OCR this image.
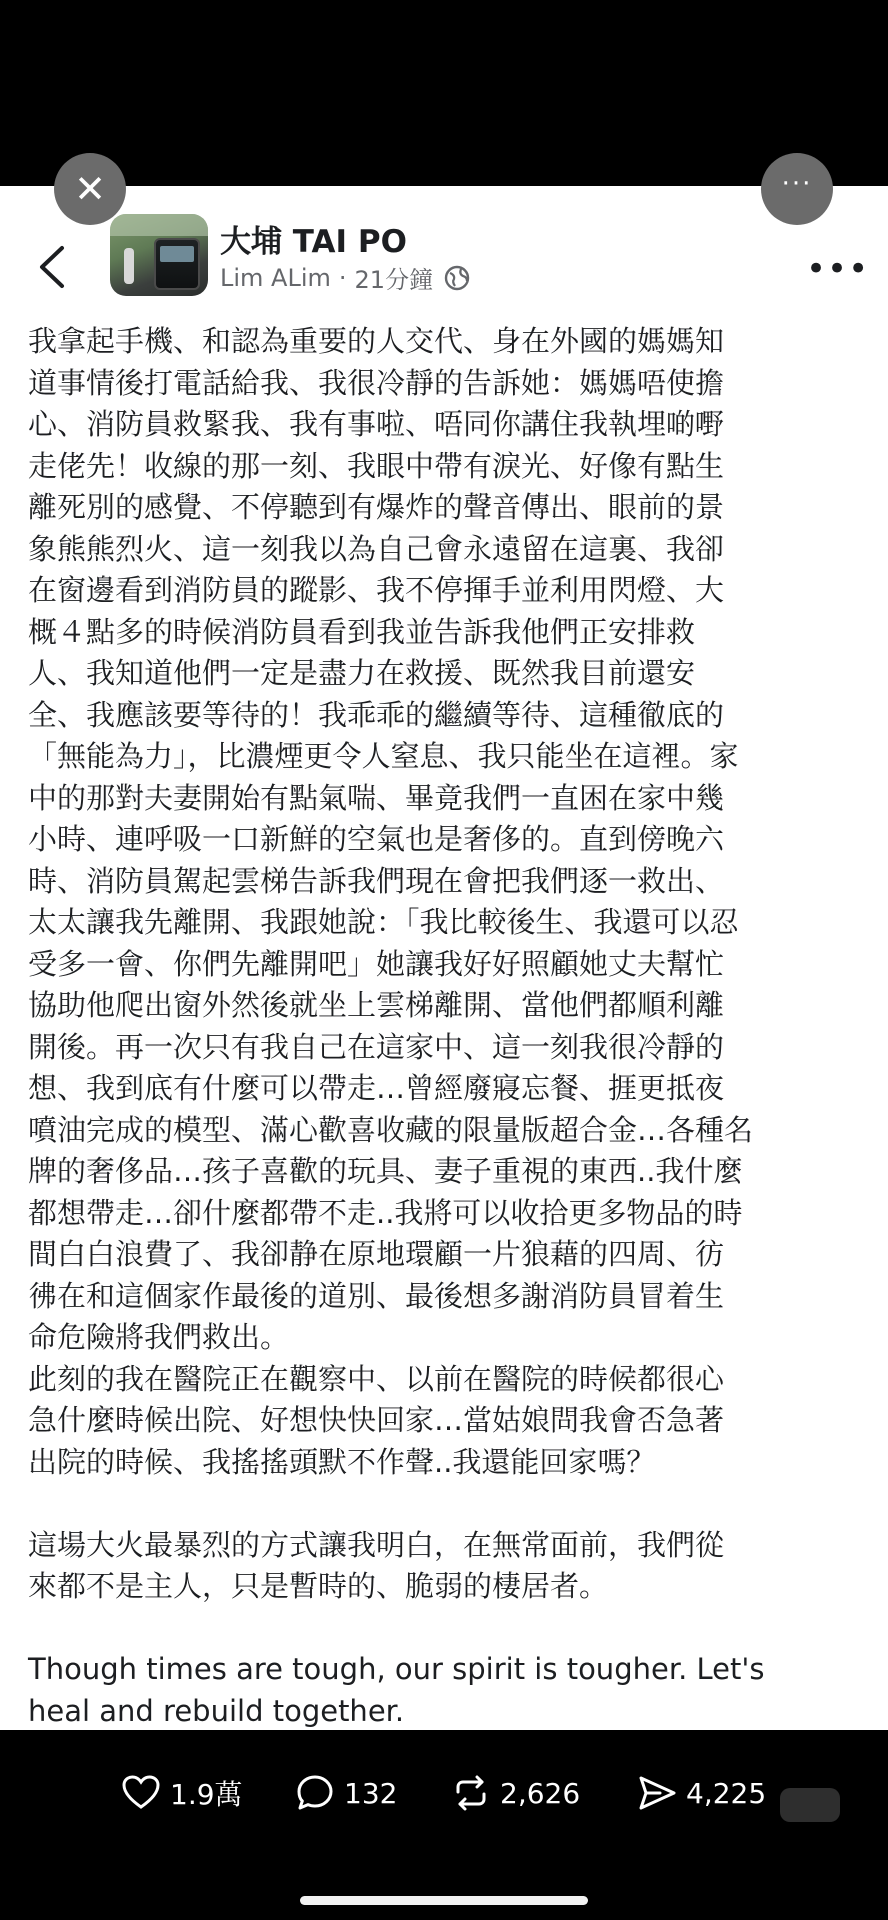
✕	···
大埔 TAI PO
Lim ALim · 21分鐘	•••

我拿起手機、和認為重要的人交代、身在外國的媽媽知

道事情後打電話給我、我很冷靜的告訴她：媽媽唔使擔

心、消防員救緊我、我有事啦、唔同你講住我執埋啲嘢

走佬先！收線的那一刻、我眼中帶有淚光、好像有點生

離死別的感覺、不停聽到有爆炸的聲音傳出、眼前的景

象熊熊烈火、這一刻我以為自己會永遠留在這裏、我卻

在窗邊看到消防員的蹤影、我不停揮手並利用閃燈、大

概４點多的時候消防員看到我並告訴我他們正安排救

人、我知道他們一定是盡力在救援、既然我目前還安

全、我應該要等待的！我乖乖的繼續等待、這種徹底的

「無能為力」，比濃煙更令人窒息、我只能坐在這裡。家

中的那對夫妻開始有點氣喘、畢竟我們一直困在家中幾

小時、連呼吸一口新鮮的空氣也是奢侈的。直到傍晚六

時、消防員駕起雲梯告訴我們現在會把我們逐一救出、

太太讓我先離開、我跟她說：「我比較後生、我還可以忍

受多一會、你們先離開吧」她讓我好好照顧她丈夫幫忙

協助他爬出窗外然後就坐上雲梯離開、當他們都順利離

開後。再一次只有我自己在這家中、這一刻我很冷靜的

想、我到底有什麼可以帶走…曾經廢寢忘餐、捱更抵夜

噴油完成的模型、滿心歡喜收藏的限量版超合金…各種名

牌的奢侈品…孩子喜歡的玩具、妻子重視的東西..我什麼

都想帶走…卻什麼都帶不走..我將可以收拾更多物品的時

間白白浪費了、我卻静在原地環顧一片狼藉的四周、彷

彿在和這個家作最後的道別、最後想多謝消防員冒着生

命危險將我們救出。

此刻的我在醫院正在觀察中、以前在醫院的時候都很心

急什麼時候出院、好想快快回家…當姑娘問我會否急著

出院的時候、我搖搖頭默不作聲..我還能回家嗎？

這場大火最暴烈的方式讓我明白，在無常面前，我們從

來都不是主人，只是暫時的、脆弱的棲居者。

Though times are tough, our spirit is tougher. Let's

heal and rebuild together.

1.9萬	132	2,626	4,225
